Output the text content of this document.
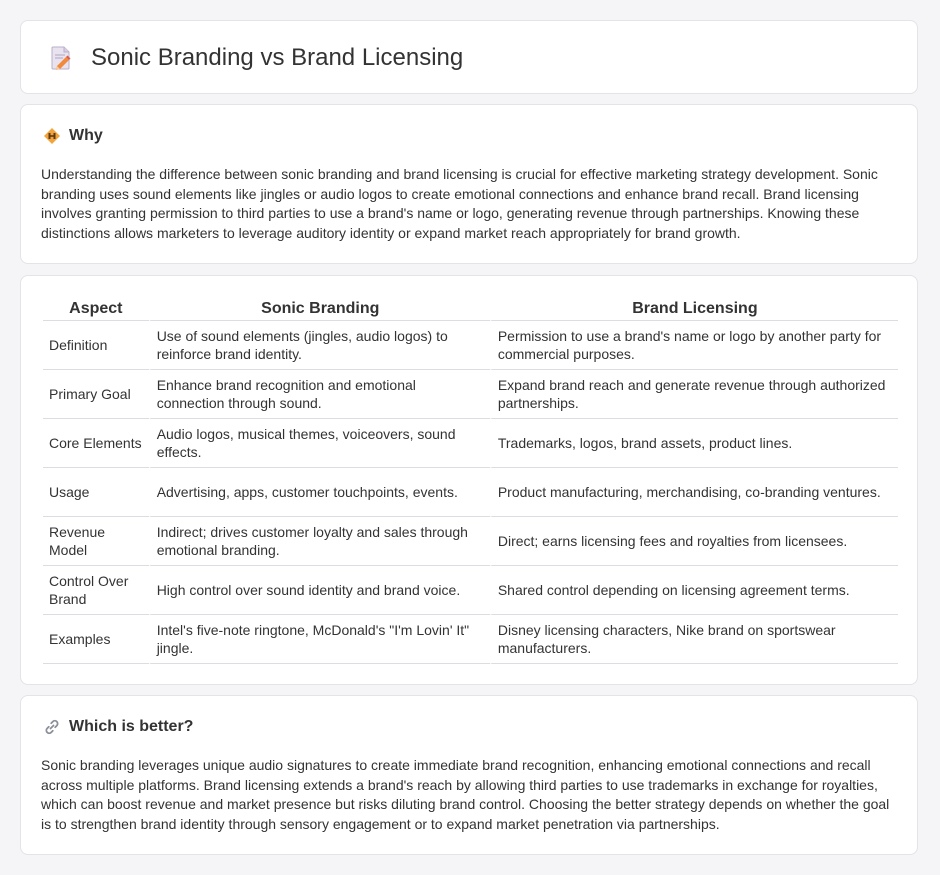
Sonic Branding vs Brand Licensing
Why

Understanding the difference between sonic branding and brand licensing is crucial for effective marketing strategy development. Sonic branding uses sound elements like jingles or audio logos to create emotional connections and enhance brand recall. Brand licensing involves granting permission to third parties to use a brand's name or logo, generating revenue through partnerships. Knowing these distinctions allows marketers to leverage auditory identity or expand market reach appropriately for brand growth.

Aspect	Sonic Branding	Brand Licensing
Definition	Use of sound elements (jingles, audio logos) to reinforce brand identity.	Permission to use a brand's name or logo by another party for commercial purposes.
Primary Goal	Enhance brand recognition and emotional connection through sound.	Expand brand reach and generate revenue through authorized partnerships.
Core Elements	Audio logos, musical themes, voiceovers, sound effects.	Trademarks, logos, brand assets, product lines.
Usage	Advertising, apps, customer touchpoints, events.	Product manufacturing, merchandising, co-branding ventures.
Revenue Model	Indirect; drives customer loyalty and sales through emotional branding.	Direct; earns licensing fees and royalties from licensees.
Control Over Brand	High control over sound identity and brand voice.	Shared control depending on licensing agreement terms.
Examples	Intel's five-note ringtone, McDonald's "I'm Lovin' It" jingle.	Disney licensing characters, Nike brand on sportswear manufacturers.
Which is better?

Sonic branding leverages unique audio signatures to create immediate brand recognition, enhancing emotional connections and recall across multiple platforms. Brand licensing extends a brand's reach by allowing third parties to use trademarks in exchange for royalties, which can boost revenue and market presence but risks diluting brand control. Choosing the better strategy depends on whether the goal is to strengthen brand identity through sensory engagement or to expand market penetration via partnerships.
